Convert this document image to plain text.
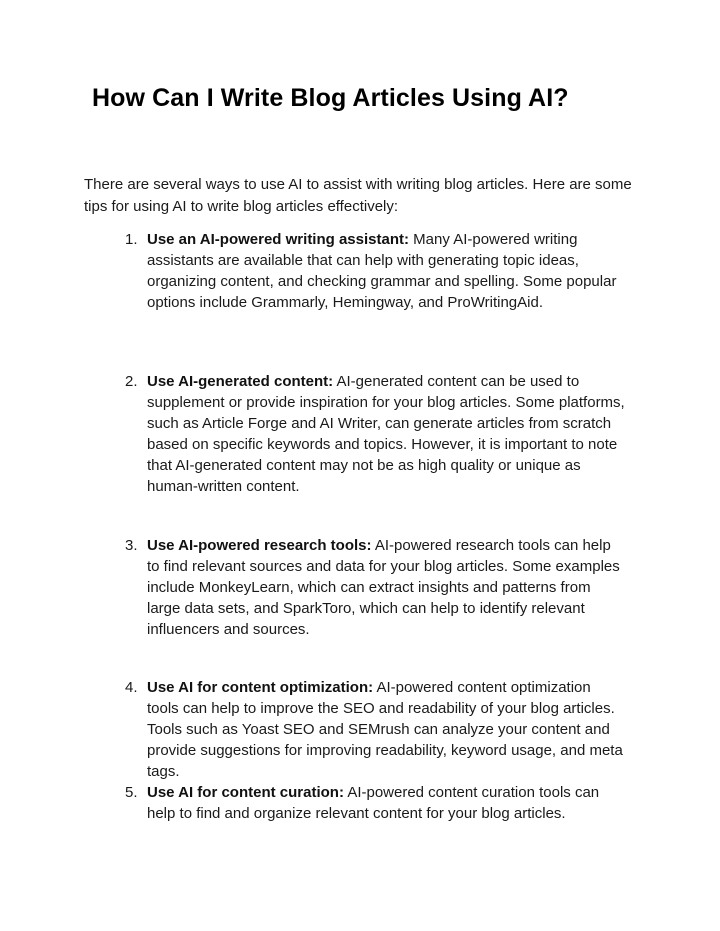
How Can I Write Blog Articles Using AI?

There are several ways to use AI to assist with writing blog articles. Here are some tips for using AI to write blog articles effectively:

1. Use an AI-powered writing assistant: Many AI-powered writing assistants are available that can help with generating topic ideas, organizing content, and checking grammar and spelling. Some popular options include Grammarly, Hemingway, and ProWritingAid.
2. Use AI-generated content: AI-generated content can be used to supplement or provide inspiration for your blog articles. Some platforms, such as Article Forge and AI Writer, can generate articles from scratch based on specific keywords and topics. However, it is important to note that AI-generated content may not be as high quality or unique as human-written content.
3. Use AI-powered research tools: AI-powered research tools can help to find relevant sources and data for your blog articles. Some examples include MonkeyLearn, which can extract insights and patterns from large data sets, and SparkToro, which can help to identify relevant influencers and sources.
4. Use AI for content optimization: AI-powered content optimization tools can help to improve the SEO and readability of your blog articles. Tools such as Yoast SEO and SEMrush can analyze your content and provide suggestions for improving readability, keyword usage, and meta tags.
5. Use AI for content curation: AI-powered content curation tools can help to find and organize relevant content for your blog articles.
